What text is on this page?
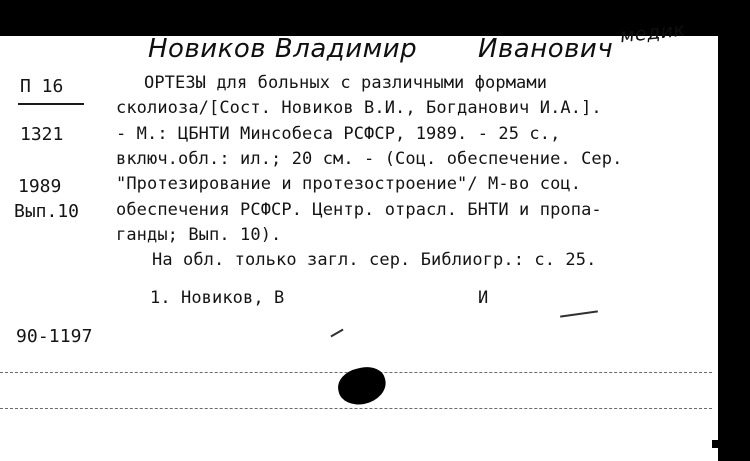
Новиков Владимир Иванович
медик
П 16
1321
1989
Вып.10
ОРТЕЗЫ для больных с различными формами
сколиоза/[Сост. Новиков В.И., Богданович И.А.].
- М.: ЦБНТИ Минсобеса РСФСР, 1989. - 25 с.,
включ.обл.: ил.; 20 см. - (Соц. обеспечение. Сер.
"Протезирование и протезостроение"/ М-во соц.
обеспечения РСФСР. Центр. отрасл. БНТИ и пропа-
ганды; Вып. 10).
На обл. только загл. сер. Библиогр.: с. 25.
1. Новиков, В	И
90-1197
